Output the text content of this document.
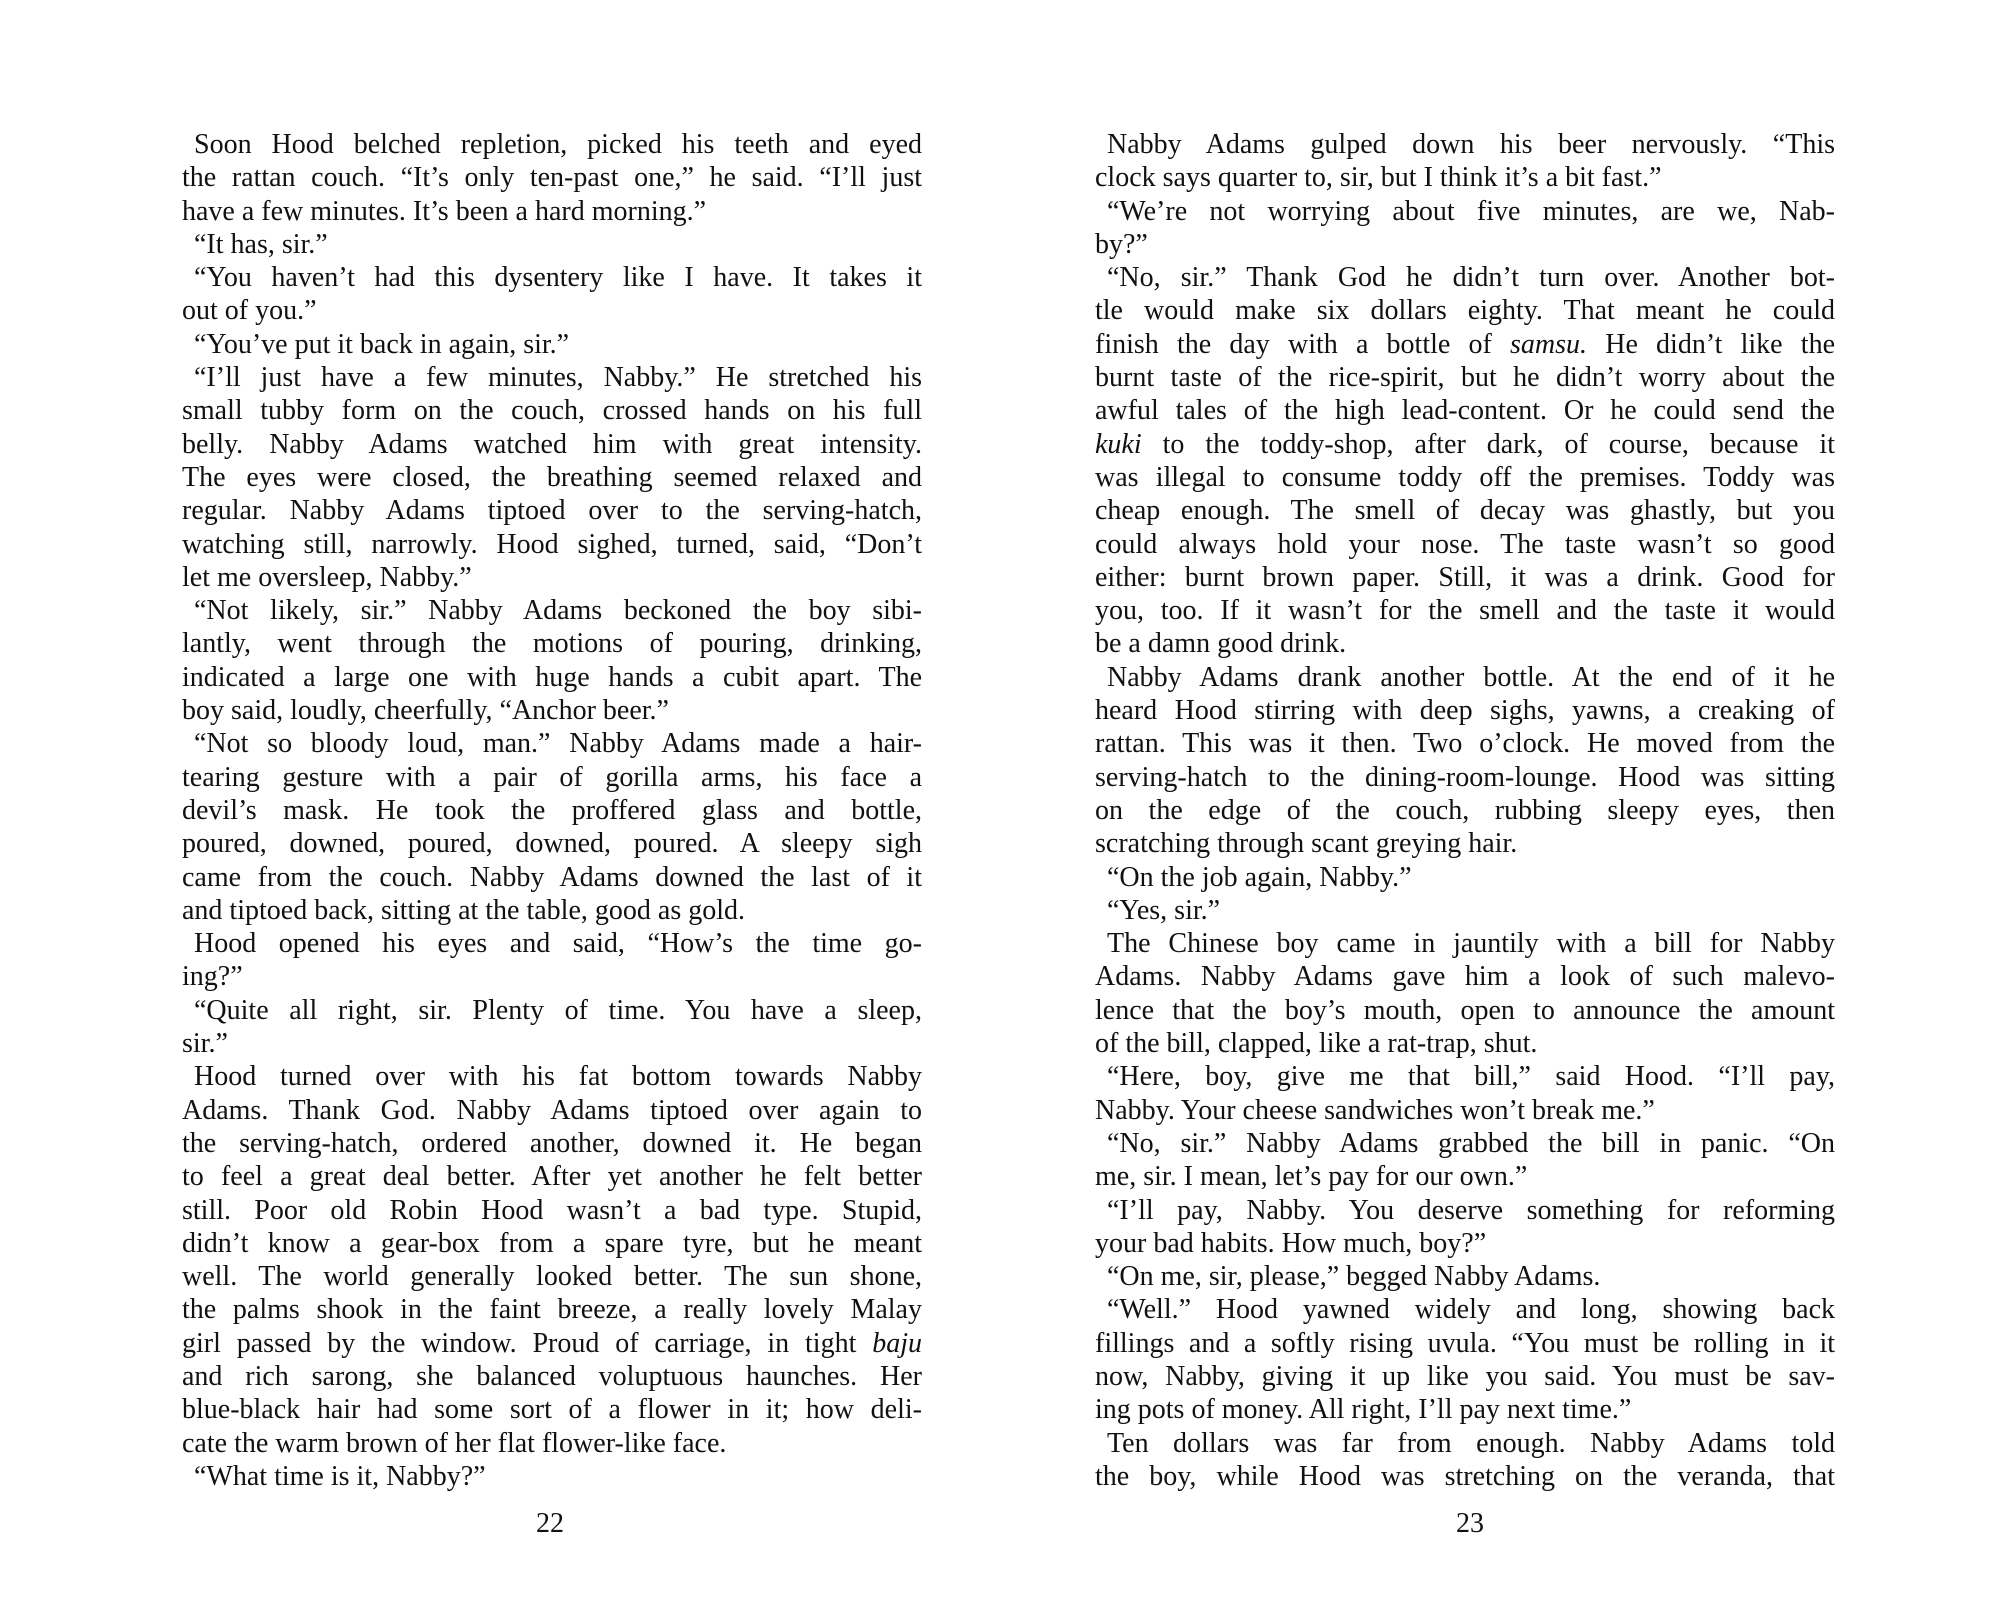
Soon Hood belched repletion, picked his teeth and eyed
the rattan couch. “It’s only ten-past one,” he said. “I’ll just
have a few minutes. It’s been a hard morning.”
“It has, sir.”
“You haven’t had this dysentery like I have. It takes it
out of you.”
“You’ve put it back in again, sir.”
“I’ll just have a few minutes, Nabby.” He stretched his
small tubby form on the couch, crossed hands on his full
belly. Nabby Adams watched him with great intensity.
The eyes were closed, the breathing seemed relaxed and
regular. Nabby Adams tiptoed over to the serving-hatch,
watching still, narrowly. Hood sighed, turned, said, “Don’t
let me oversleep, Nabby.”
“Not likely, sir.” Nabby Adams beckoned the boy sibi-
lantly, went through the motions of pouring, drinking,
indicated a large one with huge hands a cubit apart. The
boy said, loudly, cheerfully, “Anchor beer.”
“Not so bloody loud, man.” Nabby Adams made a hair-
tearing gesture with a pair of gorilla arms, his face a
devil’s mask. He took the proffered glass and bottle,
poured, downed, poured, downed, poured. A sleepy sigh
came from the couch. Nabby Adams downed the last of it
and tiptoed back, sitting at the table, good as gold.
Hood opened his eyes and said, “How’s the time go-
ing?”
“Quite all right, sir. Plenty of time. You have a sleep,
sir.”
Hood turned over with his fat bottom towards Nabby
Adams. Thank God. Nabby Adams tiptoed over again to
the serving-hatch, ordered another, downed it. He began
to feel a great deal better. After yet another he felt better
still. Poor old Robin Hood wasn’t a bad type. Stupid,
didn’t know a gear-box from a spare tyre, but he meant
well. The world generally looked better. The sun shone,
the palms shook in the faint breeze, a really lovely Malay
girl passed by the window. Proud of carriage, in tight baju
and rich sarong, she balanced voluptuous haunches. Her
blue-black hair had some sort of a flower in it; how deli-
cate the warm brown of her flat flower-like face.
“What time is it, Nabby?”
22
Nabby Adams gulped down his beer nervously. “This
clock says quarter to, sir, but I think it’s a bit fast.”
“We’re not worrying about five minutes, are we, Nab-
by?”
“No, sir.” Thank God he didn’t turn over. Another bot-
tle would make six dollars eighty. That meant he could
finish the day with a bottle of samsu. He didn’t like the
burnt taste of the rice-spirit, but he didn’t worry about the
awful tales of the high lead-content. Or he could send the
kuki to the toddy-shop, after dark, of course, because it
was illegal to consume toddy off the premises. Toddy was
cheap enough. The smell of decay was ghastly, but you
could always hold your nose. The taste wasn’t so good
either: burnt brown paper. Still, it was a drink. Good for
you, too. If it wasn’t for the smell and the taste it would
be a damn good drink.
Nabby Adams drank another bottle. At the end of it he
heard Hood stirring with deep sighs, yawns, a creaking of
rattan. This was it then. Two o’clock. He moved from the
serving-hatch to the dining-room-lounge. Hood was sitting
on the edge of the couch, rubbing sleepy eyes, then
scratching through scant greying hair.
“On the job again, Nabby.”
“Yes, sir.”
The Chinese boy came in jauntily with a bill for Nabby
Adams. Nabby Adams gave him a look of such malevo-
lence that the boy’s mouth, open to announce the amount
of the bill, clapped, like a rat-trap, shut.
“Here, boy, give me that bill,” said Hood. “I’ll pay,
Nabby. Your cheese sandwiches won’t break me.”
“No, sir.” Nabby Adams grabbed the bill in panic. “On
me, sir. I mean, let’s pay for our own.”
“I’ll pay, Nabby. You deserve something for reforming
your bad habits. How much, boy?”
“On me, sir, please,” begged Nabby Adams.
“Well.” Hood yawned widely and long, showing back
fillings and a softly rising uvula. “You must be rolling in it
now, Nabby, giving it up like you said. You must be sav-
ing pots of money. All right, I’ll pay next time.”
Ten dollars was far from enough. Nabby Adams told
the boy, while Hood was stretching on the veranda, that
23
